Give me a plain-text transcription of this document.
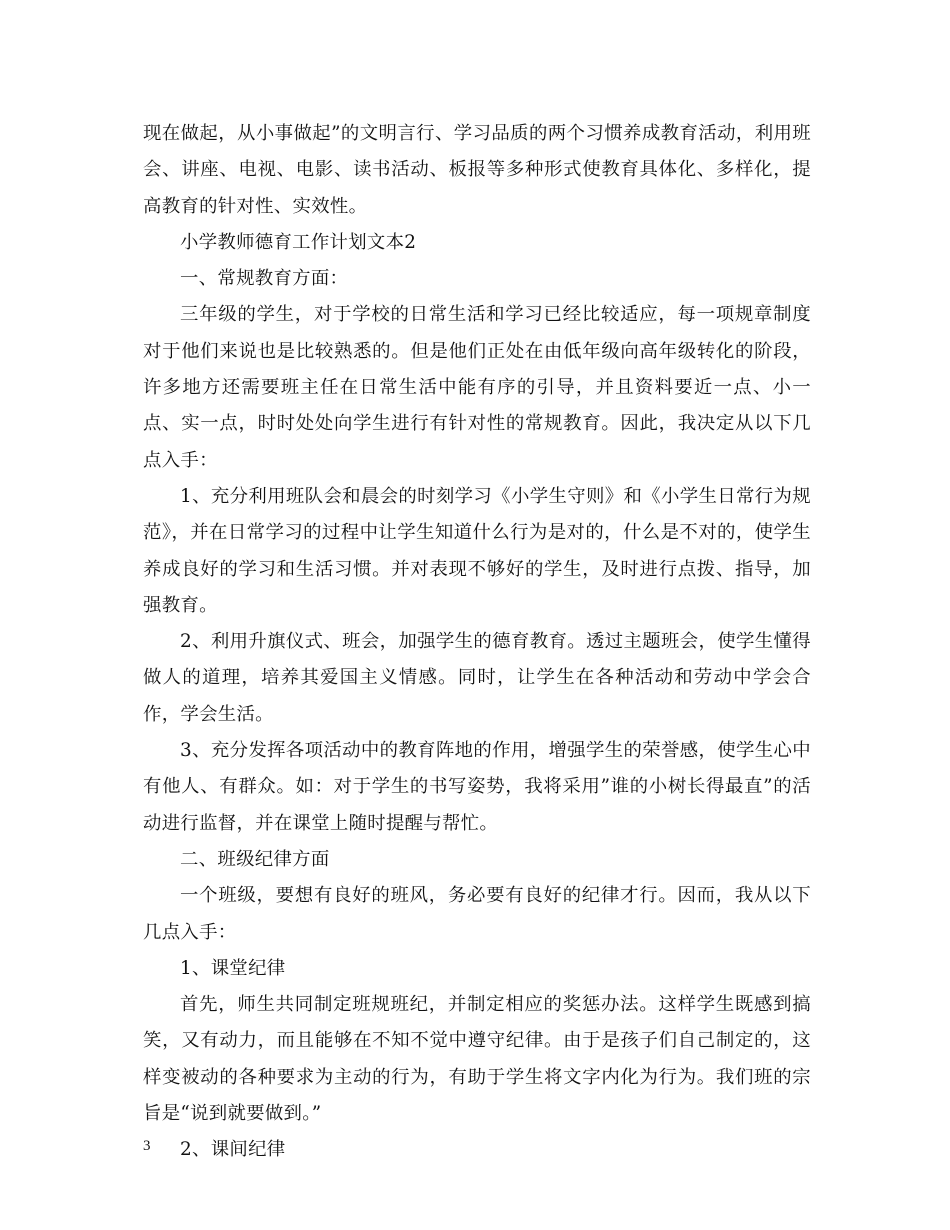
现在做起，从小事做起”的文明言行、学习品质的两个习惯养成教育活动，利用班会、讲座、电视、电影、读书活动、板报等多种形式使教育具体化、多样化，提高教育的针对性、实效性。

小学教师德育工作计划文本2

一、常规教育方面：

三年级的学生，对于学校的日常生活和学习已经比较适应，每一项规章制度对于他们来说也是比较熟悉的。但是他们正处在由低年级向高年级转化的阶段，许多地方还需要班主任在日常生活中能有序的引导，并且资料要近一点、小一点、实一点，时时处处向学生进行有针对性的常规教育。因此，我决定从以下几点入手：

1、充分利用班队会和晨会的时刻学习《小学生守则》和《小学生日常行为规范》，并在日常学习的过程中让学生知道什么行为是对的，什么是不对的，使学生养成良好的学习和生活习惯。并对表现不够好的学生，及时进行点拨、指导，加强教育。

2、利用升旗仪式、班会，加强学生的德育教育。透过主题班会，使学生懂得做人的道理，培养其爱国主义情感。同时，让学生在各种活动和劳动中学会合作，学会生活。

3、充分发挥各项活动中的教育阵地的作用，增强学生的荣誉感，使学生心中有他人、有群众。如：对于学生的书写姿势，我将采用”谁的小树长得最直”的活动进行监督，并在课堂上随时提醒与帮忙。

二、班级纪律方面

一个班级，要想有良好的班风，务必要有良好的纪律才行。因而，我从以下几点入手：

1、课堂纪律

首先，师生共同制定班规班纪，并制定相应的奖惩办法。这样学生既感到搞笑，又有动力，而且能够在不知不觉中遵守纪律。由于是孩子们自己制定的，这样变被动的各种要求为主动的行为，有助于学生将文字内化为行为。我们班的宗旨是“说到就要做到。”

2、课间纪律

3
